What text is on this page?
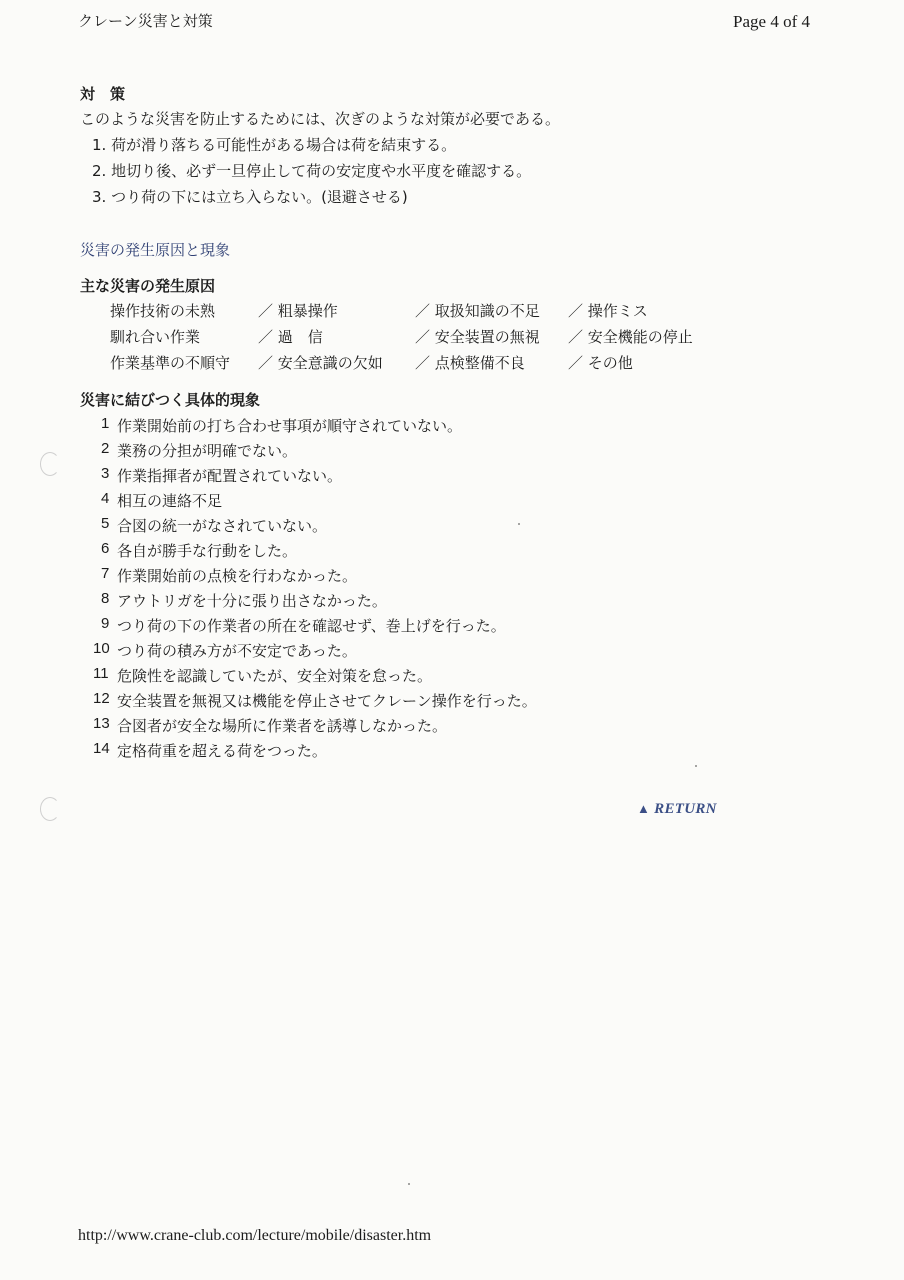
クレーン災害と対策	Page 4 of 4
対　策
このような災害を防止するためには、次ぎのような対策が必要である。
1. 荷が滑り落ちる可能性がある場合は荷を結束する。
2. 地切り後、必ず一旦停止して荷の安定度や水平度を確認する。
3. つり荷の下には立ち入らない。(退避させる)
災害の発生原因と現象
主な災害の発生原因
操作技術の未熟	／ 粗暴操作	／ 取扱知識の不足 ／ 操作ミス
馴れ合い作業	／ 過　信	／ 安全装置の無視 ／ 安全機能の停止
作業基準の不順守 ／ 安全意識の欠如 ／ 点検整備不良	／ その他
災害に結びつく具体的現象
1 作業開始前の打ち合わせ事項が順守されていない。
2 業務の分担が明確でない。
3 作業指揮者が配置されていない。
4 相互の連絡不足
5 合図の統一がなされていない。
6 各自が勝手な行動をした。
7 作業開始前の点検を行わなかった。
8 アウトリガを十分に張り出さなかった。
9 つり荷の下の作業者の所在を確認せず、巻上げを行った。
10 つり荷の積み方が不安定であった。
11 危険性を認識していたが、安全対策を怠った。
12 安全装置を無視又は機能を停止させてクレーン操作を行った。
13 合図者が安全な場所に作業者を誘導しなかった。
14 定格荷重を超える荷をつった。
▲ RETURN
http://www.crane-club.com/lecture/mobile/disaster.htm
